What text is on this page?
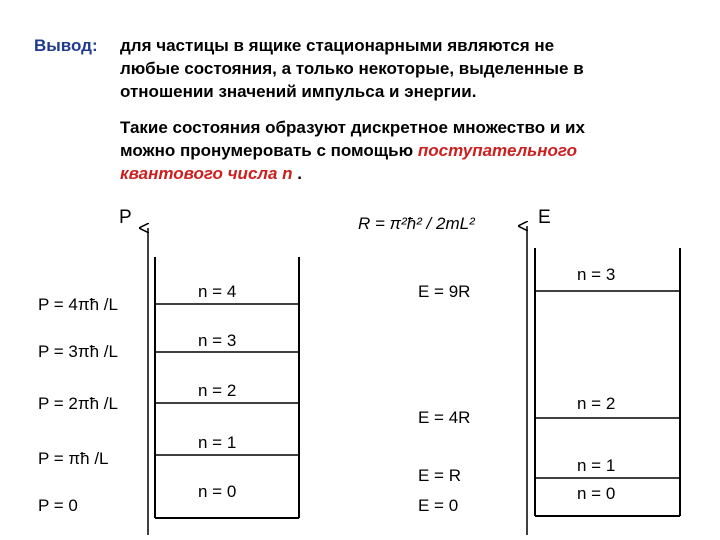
Вывод: для частицы в ящике стационарными являются не
любые состояния, а только некоторые, выделенные в
отношении значений импульса и энергии.
Такие состояния образуют дискретное множество и их
можно пронумеровать с помощью поступательного
квантового числа n .
P	E
R = π²ħ² / 2mL²
P = 4πħ /L
P = 3πħ /L
P = 2πħ /L
P = πħ /L
P = 0
n = 4
n = 3
n = 2
n = 1
n = 0
E = 9R
E = 4R
E = R
E = 0
n = 3
n = 2
n = 1
n = 0
